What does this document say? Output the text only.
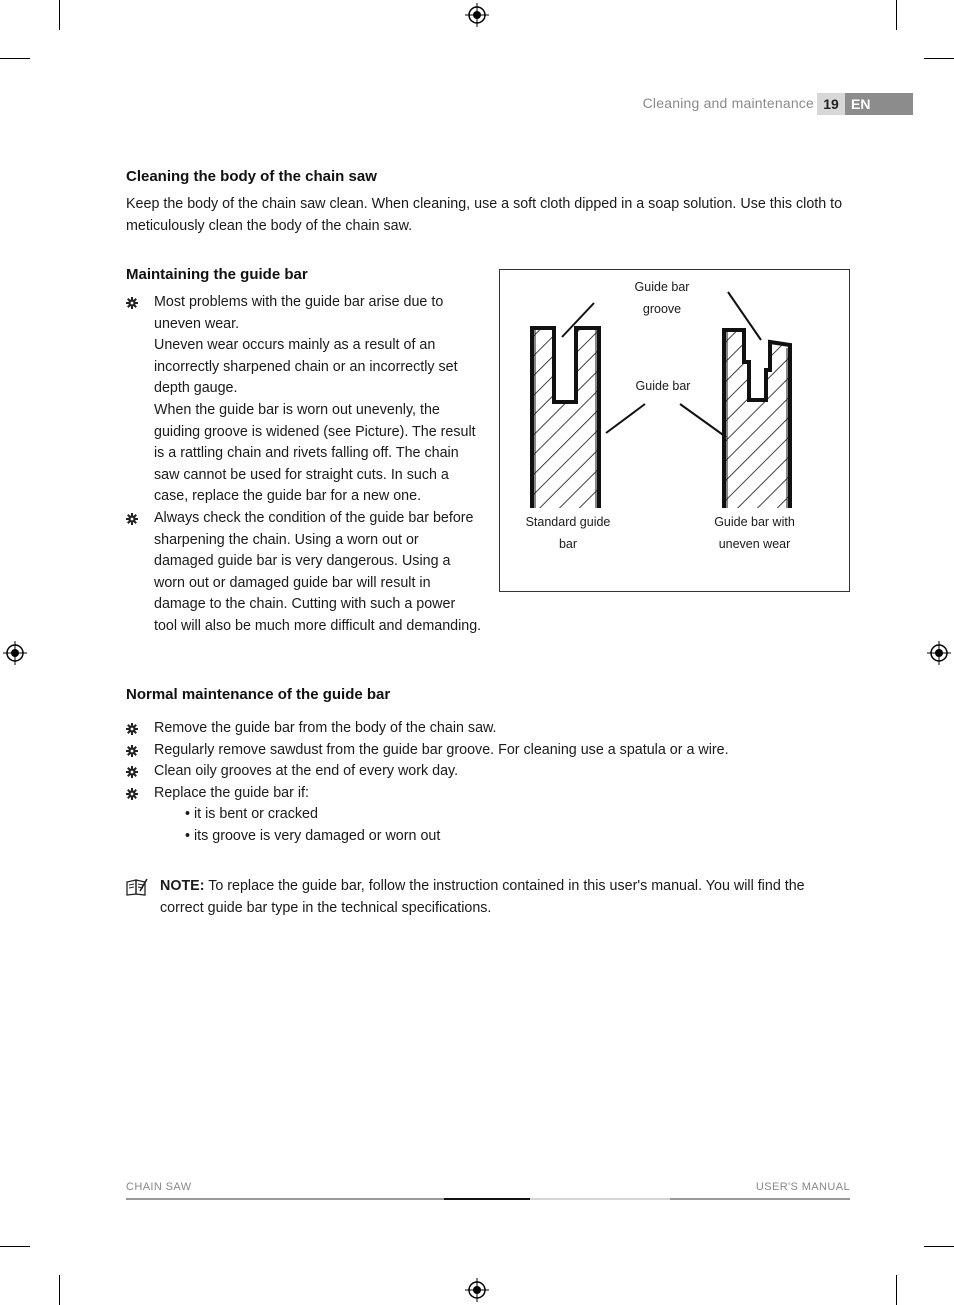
Cleaning and maintenance 19 EN
Cleaning the body of the chain saw

Keep the body of the chain saw clean. When cleaning, use a soft cloth dipped in a soap solution. Use this cloth to meticulously clean the body of the chain saw.

Maintaining the guide bar
Most problems with the guide bar arise due to uneven wear.
Uneven wear occurs mainly as a result of an incorrectly sharpened chain or an incorrectly set depth gauge.
When the guide bar is worn out unevenly, the guiding groove is widened (see Picture). The result is a rattling chain and rivets falling off. The chain saw cannot be used for straight cuts. In such a case, replace the guide bar for a new one.
Always check the condition of the guide bar before sharpening the chain. Using a worn out or damaged guide bar is very dangerous. Using a worn out or damaged guide bar will result in damage to the chain. Cutting with such a power tool will also be much more difficult and demanding.
Guide bar groove
Guide bar
Standard guide bar
Guide bar with uneven wear
Normal maintenance of the guide bar
Remove the guide bar from the body of the chain saw.
Regularly remove sawdust from the guide bar groove. For cleaning use a spatula or a wire.
Clean oily grooves at the end of every work day.
Replace the guide bar if:
• it is bent or cracked
• its groove is very damaged or worn out

NOTE: To replace the guide bar, follow the instruction contained in this user's manual. You will find the correct guide bar type in the technical specifications.

CHAIN SAW	USER'S MANUAL
